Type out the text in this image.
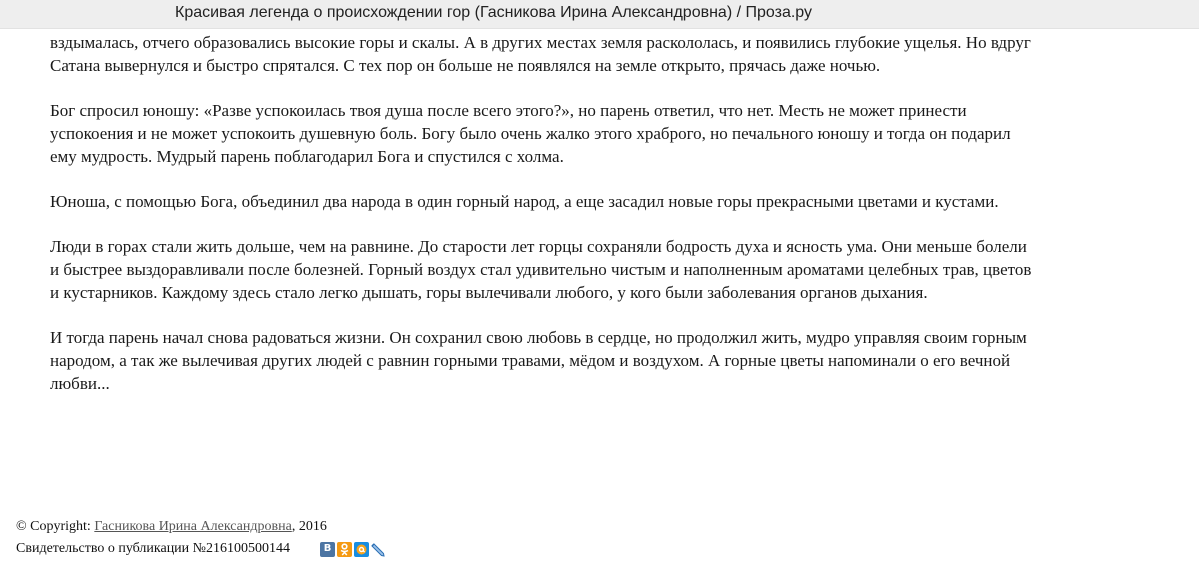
Красивая легенда о происхождении гор (Гасникова Ирина Александровна) / Проза.ру

вздымалась, отчего образовались высокие горы и скалы. А в других местах земля раскололась, и появились глубокие ущелья. Но вдруг Сатана вывернулся и быстро спрятался. С тех пор он больше не появлялся на земле открыто, прячась даже ночью.

Бог спросил юношу: «Разве успокоилась твоя душа после всего этого?», но парень ответил, что нет. Месть не может принести успокоения и не может успокоить душевную боль. Богу было очень жалко этого храброго, но печального юношу и тогда он подарил ему мудрость. Мудрый парень поблагодарил Бога и спустился с холма.

Юноша, с помощью Бога, объединил два народа в один горный народ, а еще засадил новые горы прекрасными цветами и кустами.

Люди в горах стали жить дольше, чем на равнине. До старости лет горцы сохраняли бодрость духа и ясность ума. Они меньше болели и быстрее выздоравливали после болезней. Горный воздух стал удивительно чистым и наполненным ароматами целебных трав, цветов и кустарников. Каждому здесь стало легко дышать, горы вылечивали любого, у кого были заболевания органов дыхания.

И тогда парень начал снова радоваться жизни. Он сохранил свою любовь в сердце, но продолжил жить, мудро управляя своим горным народом, а так же вылечивая других людей с равнин горными травами, мёдом и воздухом. А горные цветы напоминали о его вечной любви...

© Copyright:
Гасникова Ирина Александровна , 2016
Свидетельство о публикации №216100500144	В
